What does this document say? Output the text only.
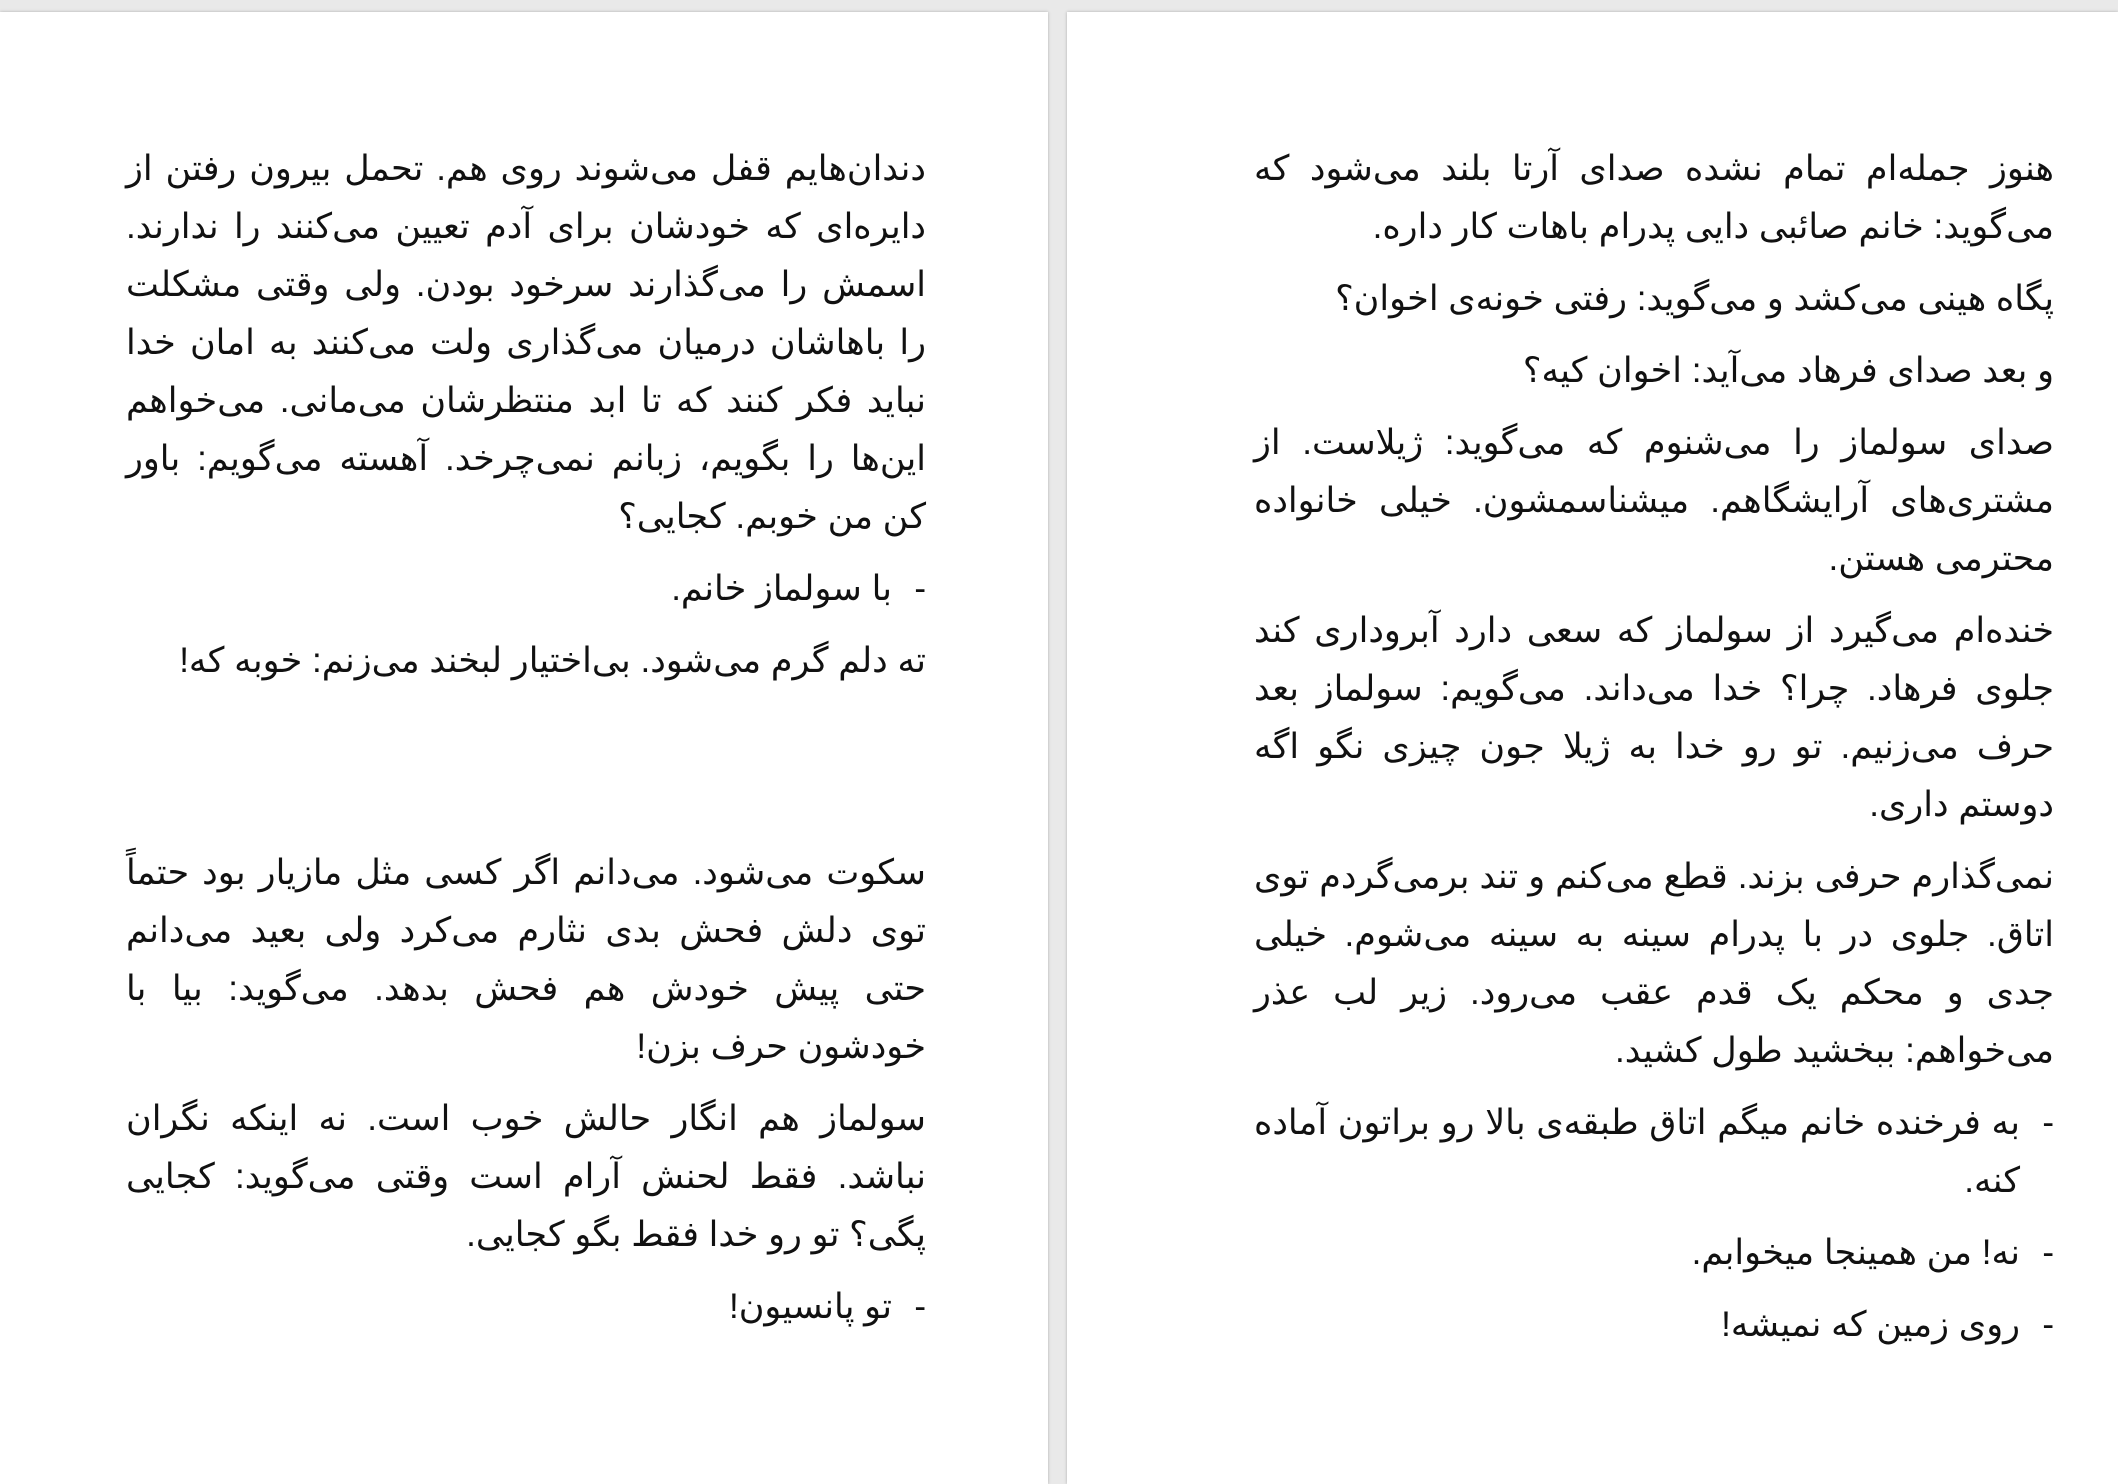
دندان‌هایم قفل می‌شوند روی هم. تحمل بیرون رفتن از دایره‌ای که خودشان برای آدم تعیین می‌کنند را ندارند. اسمش را می‌گذارند سرخود بودن. ولی وقتی مشکلت را باهاشان درمیان می‌گذاری ولت می‌کنند به امان خدا نباید فکر کنند که تا ابد منتظرشان می‌مانی. می‌خواهم این‌ها را بگویم، زبانم نمی‌چرخد. آهسته می‌گویم: باور کن من خوبم. کجایی؟

-
با سولماز خانم.

ته دلم گرم می‌شود. بی‌اختیار لبخند می‌زنم: خوبه که!

سکوت می‌شود. می‌دانم اگر کسی مثل مازیار بود حتماً توی دلش فحش بدی نثارم می‌کرد ولی بعید می‌دانم حتی پیش خودش هم فحش بدهد. می‌گوید: بیا با خودشون حرف بزن!

سولماز هم انگار حالش خوب است. نه اینکه نگران نباشد. فقط لحنش آرام است وقتی می‌گوید: کجایی پگی؟ تو رو خدا فقط بگو کجایی.

-
تو پانسیون!

هنوز جمله‌ام تمام نشده صدای آرتا بلند می‌شود که می‌گوید: خانم صائبی دایی پدرام باهات کار داره.

پگاه هینی می‌کشد و می‌گوید: رفتی خونه‌ی اخوان؟

و بعد صدای فرهاد می‌آید: اخوان کیه؟

صدای سولماز را می‌شنوم که می‌گوید: ژیلاست. از مشتری‌های آرایشگاهم. میشناسمشون. خیلی خانواده محترمی هستن.

خنده‌ام می‌گیرد از سولماز که سعی دارد آبروداری کند جلوی فرهاد. چرا؟ خدا می‌داند. می‌گویم: سولماز بعد حرف می‌زنیم. تو رو خدا به ژیلا جون چیزی نگو اگه دوستم داری.

نمی‌گذارم حرفی بزند. قطع می‌کنم و تند برمی‌گردم توی اتاق. جلوی در با پدرام سینه به سینه می‌شوم. خیلی جدی و محکم یک قدم عقب می‌رود. زیر لب عذر می‌خواهم: ببخشید طول کشید.

-
به فرخنده خانم میگم اتاق طبقه‌ی بالا رو براتون آماده کنه.
-
نه! من همینجا میخوابم.
-
روی زمین که نمیشه!
